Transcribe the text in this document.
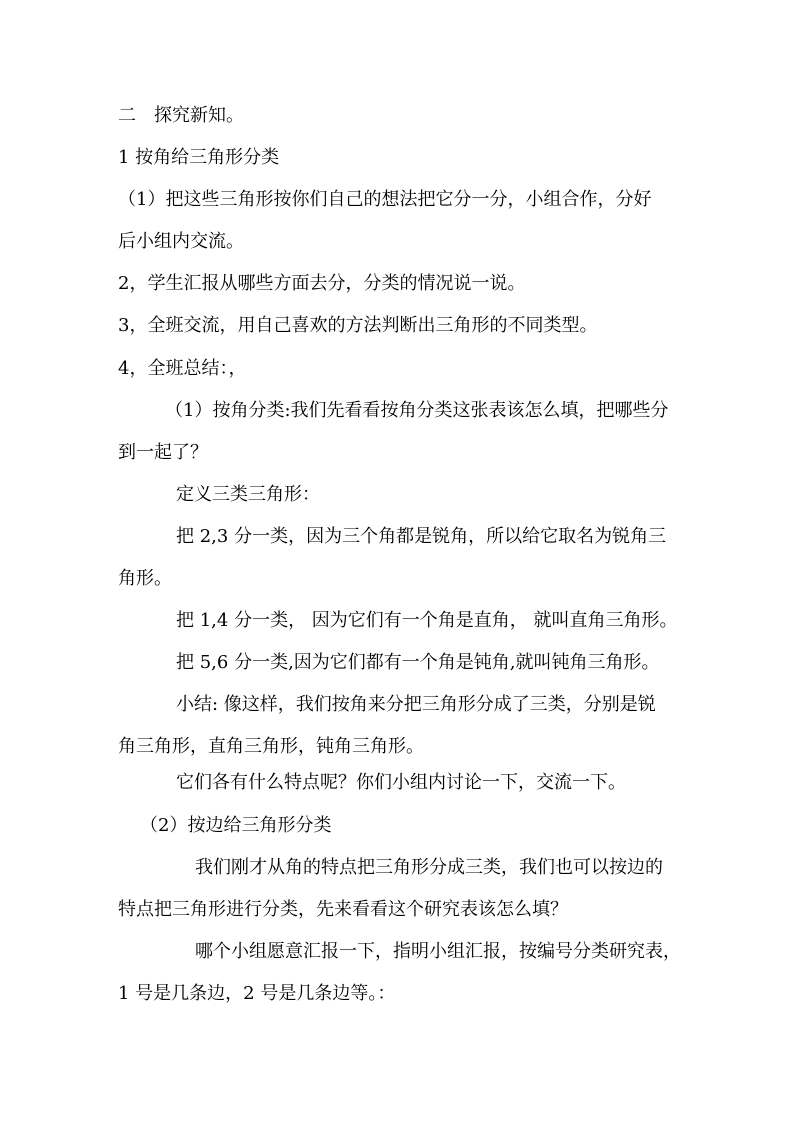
二　探究新知。
1 按角给三角形分类
（1）把这些三角形按你们自己的想法把它分一分，小组合作，分好
后小组内交流。
2，学生汇报从哪些方面去分，分类的情况说一说。
3，全班交流，用自己喜欢的方法判断出三角形的不同类型。
4，全班总结：，
（1）按角分类:我们先看看按角分类这张表该怎么填，把哪些分
到一起了？
定义三类三角形：
把 2,3 分一类，因为三个角都是锐角，所以给它取名为锐角三
角形。
把 1,4 分一类， 因为它们有一个角是直角， 就叫直角三角形。
把 5,6 分一类,因为它们都有一个角是钝角,就叫钝角三角形。
小结: 像这样，我们按角来分把三角形分成了三类，分别是锐
角三角形，直角三角形，钝角三角形。
它们各有什么特点呢？你们小组内讨论一下，交流一下。
（2）按边给三角形分类
我们刚才从角的特点把三角形分成三类，我们也可以按边的
特点把三角形进行分类，先来看看这个研究表该怎么填？
哪个小组愿意汇报一下，指明小组汇报，按编号分类研究表，
1 号是几条边，2 号是几条边等。：
